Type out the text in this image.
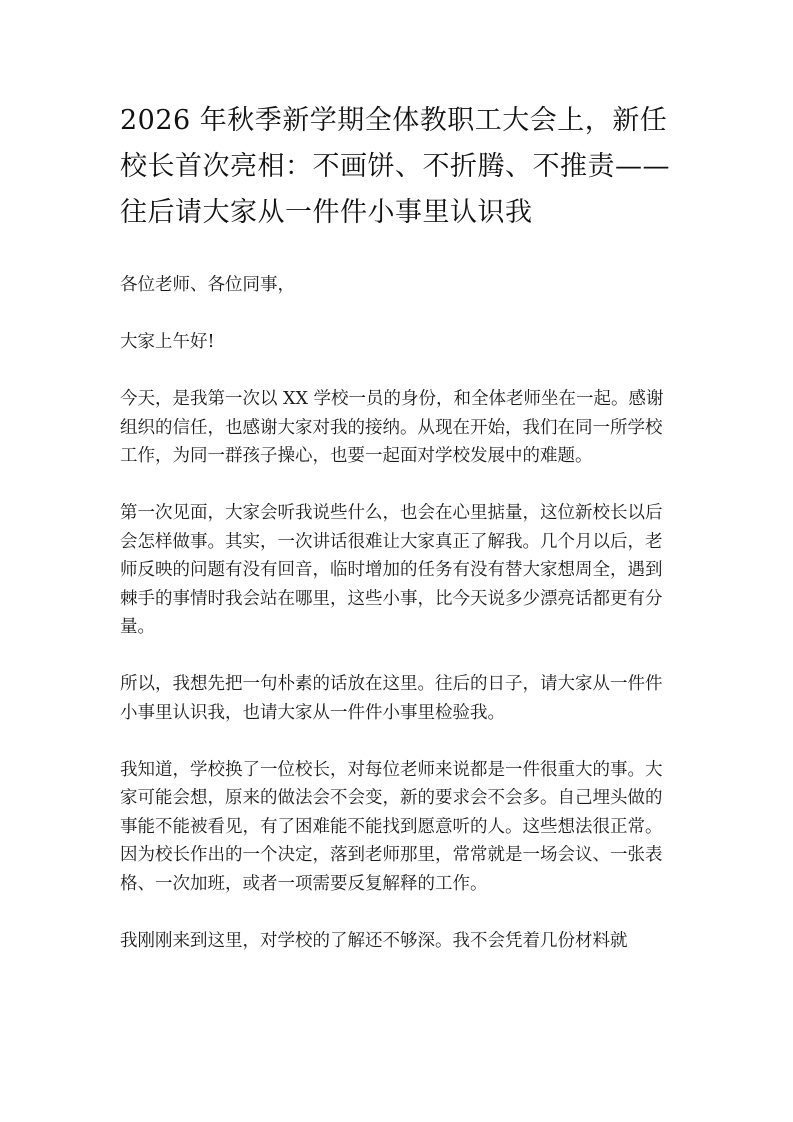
2026 年秋季新学期全体教职工大会上，新任校长首次亮相：不画饼、不折腾、不推责——往后请大家从一件件小事里认识我

各位老师、各位同事，

大家上午好!

今天，是我第一次以 XX 学校一员的身份，和全体老师坐在一起。感谢组织的信任，也感谢大家对我的接纳。从现在开始，我们在同一所学校工作，为同一群孩子操心，也要一起面对学校发展中的难题。

第一次见面，大家会听我说些什么，也会在心里掂量，这位新校长以后会怎样做事。其实，一次讲话很难让大家真正了解我。几个月以后，老师反映的问题有没有回音，临时增加的任务有没有替大家想周全，遇到棘手的事情时我会站在哪里，这些小事，比今天说多少漂亮话都更有分量。

所以，我想先把一句朴素的话放在这里。往后的日子，请大家从一件件小事里认识我，也请大家从一件件小事里检验我。

我知道，学校换了一位校长，对每位老师来说都是一件很重大的事。大家可能会想，原来的做法会不会变，新的要求会不会多。自己埋头做的事能不能被看见，有了困难能不能找到愿意听的人。这些想法很正常。因为校长作出的一个决定，落到老师那里，常常就是一场会议、一张表格、一次加班，或者一项需要反复解释的工作。

我刚刚来到这里，对学校的了解还不够深。我不会凭着几份材料就
